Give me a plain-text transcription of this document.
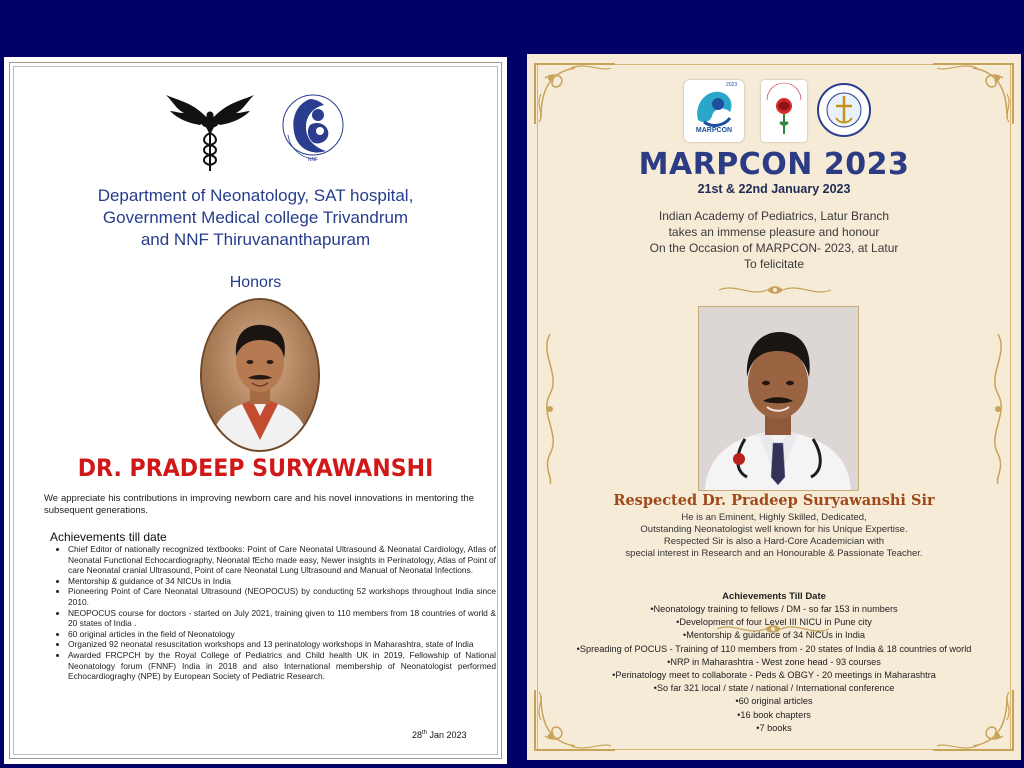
NNF
Department of Neonatology, SAT hospital,
Government Medical college Trivandrum
and NNF Thiruvananthapuram
Honors
DR. PRADEEP SURYAWANSHI
We appreciate his contributions in improving newborn care and his novel innovations in mentoring the subsequent generations.
Achievements till date
• Chief Editor of nationally recognized textbooks: Point of Care Neonatal Ultrasound & Neonatal Cardiology, Atlas of Neonatal Functional Echocardiography, Neonatal fEcho made easy, Newer insights in Perinatology, Atlas of Point of care Neonatal cranial Ultrasound, Point of care Neonatal Lung Ultrasound and Manual of Neonatal Infections.
• Mentorship & guidance of 34 NICUs in India
• Pioneering Point of Care Neonatal Ultrasound (NEOPOCUS) by conducting 52 workshops throughout India since 2010.
• NEOPOCUS course for doctors - started on July 2021, training given to 110 members from 18 countries of world & 20 states of India .
• 60 original articles in the field of Neonatology
• Organized 92 neonatal resuscitation workshops and 13 perinatology workshops in Maharashtra, state of India
• Awarded FRCPCH by the Royal College of Pediatrics and Child health UK in 2019, Fellowship of National Neonatology forum (FNNF) India in 2018 and also International membership of Neonatologist performed Echocardiograghy (NPE) by European Society of Pediatric Research.
28th Jan 2023
MARPCON
2023
MARPCON 2023
21st & 22nd January 2023
Indian Academy of Pediatrics, Latur Branch
takes an immense pleasure and honour
On the Occasion of MARPCON- 2023, at Latur
To felicitate
Respected Dr. Pradeep Suryawanshi Sir
He is an Eminent, Highly Skilled, Dedicated,
Outstanding Neonatologist well known for his Unique Expertise.
Respected Sir is also a Hard-Core Academician with
special interest in Research and an Honourable & Passionate Teacher.
Achievements Till Date
• Neonatology training to fellows / DM - so far 153 in numbers
• Development of four Level III NICU in Pune city
• Mentorship & guidance of 34 NICUs in India
• Spreading of POCUS - Training of 110 members from - 20 states of India & 18 countries of world
• NRP in Maharashtra - West zone head - 93 courses
• Perinatology meet to collaborate - Peds & OBGY - 20 meetings in Maharashtra
• So far 321 local / state / national / International conference
• 60 original articles
• 16 book chapters
• 7 books
